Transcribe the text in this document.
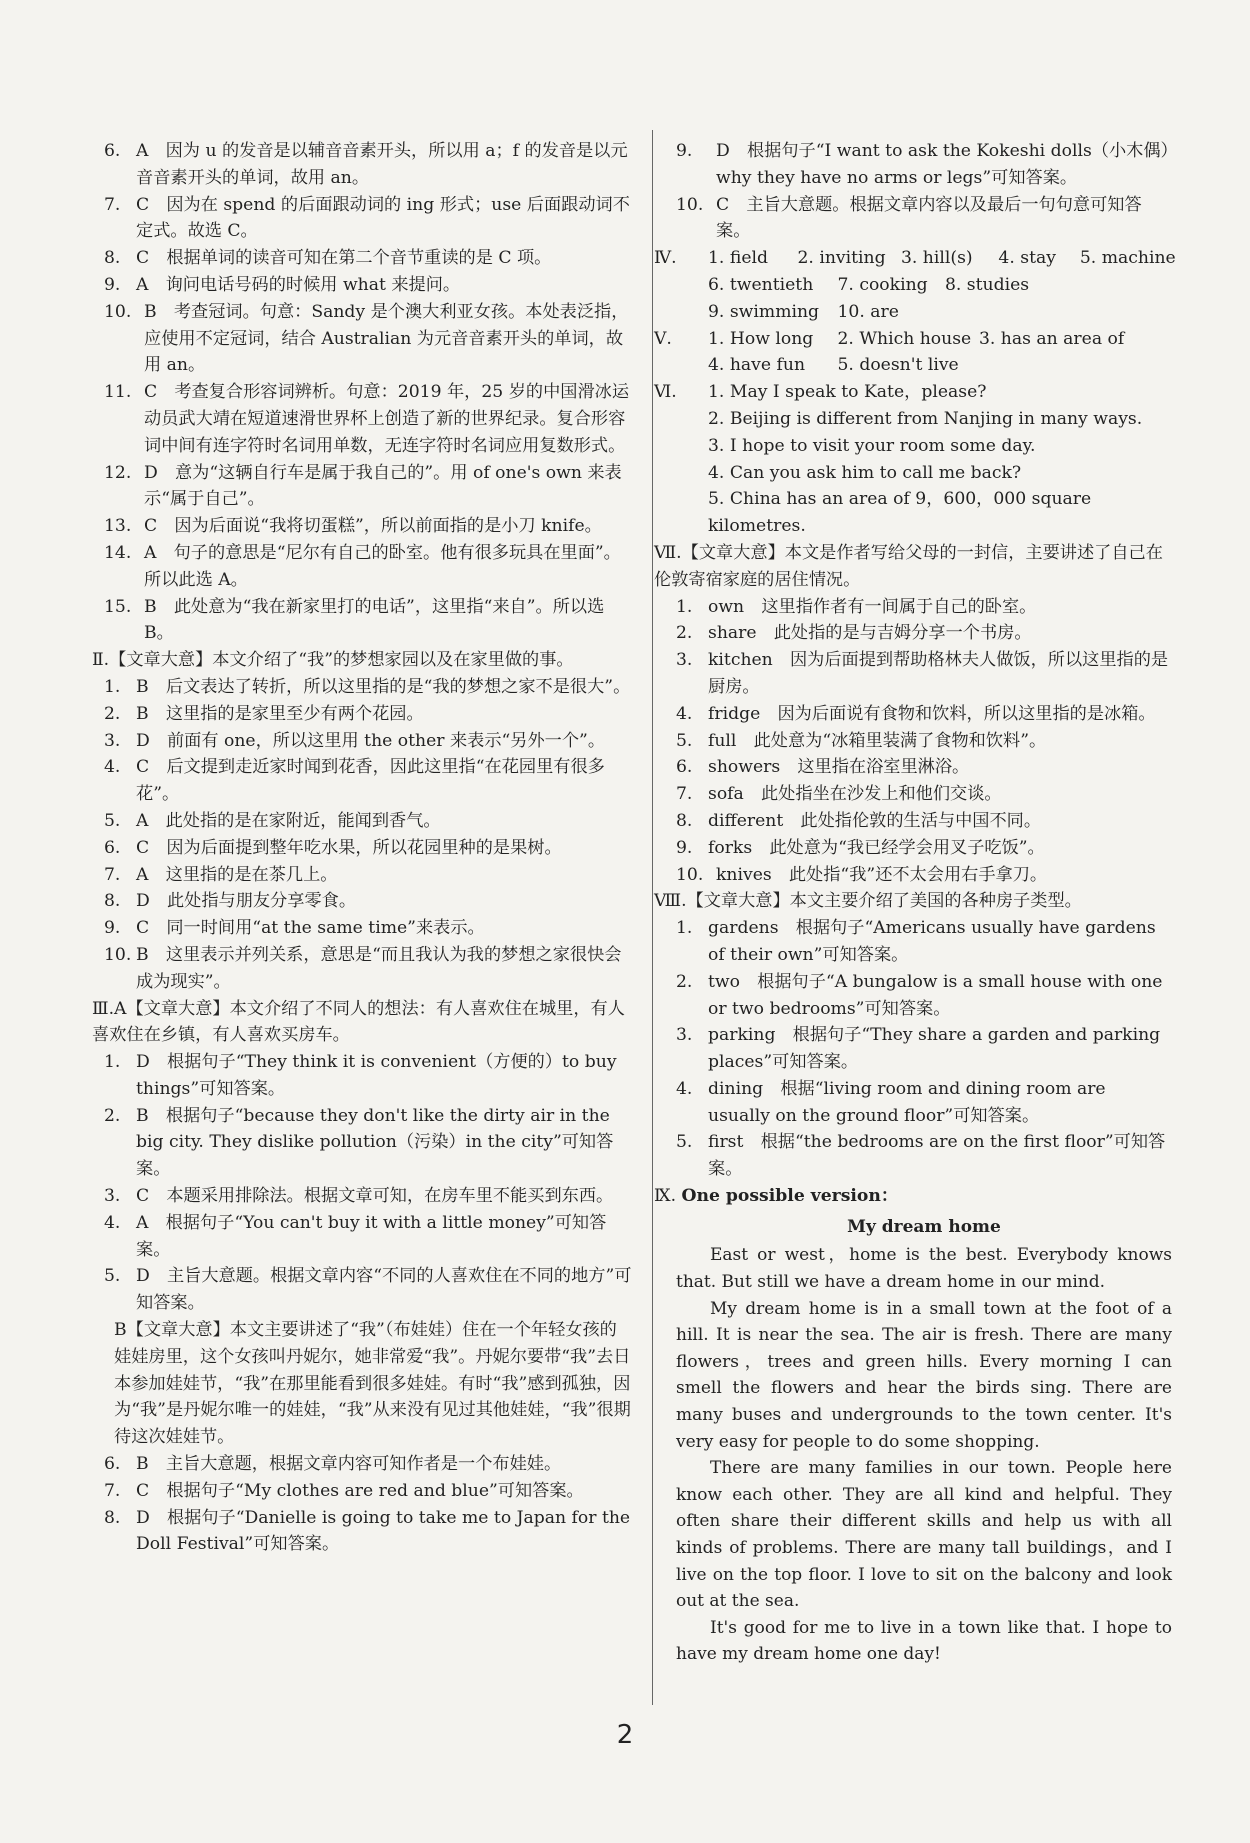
6. A　因为 u 的发音是以辅音音素开头，所以用 a；f 的发音是以元音音素开头的单词，故用 an。
7. C　因为在 spend 的后面跟动词的 ing 形式；use 后面跟动词不定式。故选 C。
8. C　根据单词的读音可知在第二个音节重读的是 C 项。
9. A　询问电话号码的时候用 what 来提问。
10. B　考查冠词。句意：Sandy 是个澳大利亚女孩。本处表泛指，应使用不定冠词，结合 Australian 为元音音素开头的单词，故用 an。
11. C　考查复合形容词辨析。句意：2019 年，25 岁的中国滑冰运动员武大靖在短道速滑世界杯上创造了新的世界纪录。复合形容词中间有连字符时名词用单数，无连字符时名词应用复数形式。
12. D　意为“这辆自行车是属于我自己的”。用 of one's own 来表示“属于自己”。
13. C　因为后面说“我将切蛋糕”，所以前面指的是小刀 knife。
14. A　句子的意思是“尼尔有自己的卧室。他有很多玩具在里面”。所以此选 A。
15. B　此处意为“我在新家里打的电话”，这里指“来自”。所以选 B。
Ⅱ.【文章大意】本文介绍了“我”的梦想家园以及在家里做的事。
1. B　后文表达了转折，所以这里指的是“我的梦想之家不是很大”。
2. B　这里指的是家里至少有两个花园。
3. D　前面有 one，所以这里用 the other 来表示“另外一个”。
4. C　后文提到走近家时闻到花香，因此这里指“在花园里有很多花”。
5. A　此处指的是在家附近，能闻到香气。
6. C　因为后面提到整年吃水果，所以花园里种的是果树。
7. A　这里指的是在茶几上。
8. D　此处指与朋友分享零食。
9. C　同一时间用“at the same time”来表示。
10. B　这里表示并列关系，意思是“而且我认为我的梦想之家很快会成为现实”。
Ⅲ.A【文章大意】本文介绍了不同人的想法：有人喜欢住在城里，有人喜欢住在乡镇，有人喜欢买房车。
1. D　根据句子“They think it is convenient（方便的）to buy things”可知答案。
2. B　根据句子“because they don't like the dirty air in the big city. They dislike pollution（污染）in the city”可知答案。
3. C　本题采用排除法。根据文章可知，在房车里不能买到东西。
4. A　根据句子“You can't buy it with a little money”可知答案。
5. D　主旨大意题。根据文章内容“不同的人喜欢住在不同的地方”可知答案。
B【文章大意】本文主要讲述了“我”（布娃娃）住在一个年轻女孩的娃娃房里，这个女孩叫丹妮尔，她非常爱“我”。丹妮尔要带“我”去日本参加娃娃节，“我”在那里能看到很多娃娃。有时“我”感到孤独，因为“我”是丹妮尔唯一的娃娃，“我”从来没有见过其他娃娃，“我”很期待这次娃娃节。
6. B　主旨大意题，根据文章内容可知作者是一个布娃娃。
7. C　根据句子“My clothes are red and blue”可知答案。
8. D　根据句子“Danielle is going to take me to Japan for the Doll Festival”可知答案。
9. D　根据句子“I want to ask the Kokeshi dolls（小木偶）why they have no arms or legs”可知答案。
10. C　主旨大意题。根据文章内容以及最后一句句意可知答案。
Ⅳ. 1. field 2. inviting 3. hill(s) 4. stay 5. machine
6. twentieth 7. cooking 8. studies
9. swimming 10. are
Ⅴ. 1. How long 2. Which house 3. has an area of
4. have fun 5. doesn't live
Ⅵ. 1. May I speak to Kate，please?
2. Beijing is different from Nanjing in many ways.
3. I hope to visit your room some day.
4. Can you ask him to call me back?
5. China has an area of 9，600，000 square kilometres.
Ⅶ.【文章大意】本文是作者写给父母的一封信，主要讲述了自己在伦敦寄宿家庭的居住情况。
1. own　这里指作者有一间属于自己的卧室。
2. share　此处指的是与吉姆分享一个书房。
3. kitchen　因为后面提到帮助格林夫人做饭，所以这里指的是厨房。
4. fridge　因为后面说有食物和饮料，所以这里指的是冰箱。
5. full　此处意为“冰箱里装满了食物和饮料”。
6. showers　这里指在浴室里淋浴。
7. sofa　此处指坐在沙发上和他们交谈。
8. different　此处指伦敦的生活与中国不同。
9. forks　此处意为“我已经学会用叉子吃饭”。
10. knives　此处指“我”还不太会用右手拿刀。
Ⅷ.【文章大意】本文主要介绍了美国的各种房子类型。
1. gardens　根据句子“Americans usually have gardens of their own”可知答案。
2. two　根据句子“A bungalow is a small house with one or two bedrooms”可知答案。
3. parking　根据句子“They share a garden and parking places”可知答案。
4. dining　根据“living room and dining room are usually on the ground floor”可知答案。
5. first　根据“the bedrooms are on the first floor”可知答案。
Ⅸ. One possible version：
My dream home

East or west，home is the best. Everybody knows that. But still we have a dream home in our mind.

My dream home is in a small town at the foot of a hill. It is near the sea. The air is fresh. There are many flowers，trees and green hills. Every morning I can smell the flowers and hear the birds sing. There are many buses and undergrounds to the town center. It's very easy for people to do some shopping.

There are many families in our town. People here know each other. They are all kind and helpful. They often share their different skills and help us with all kinds of problems. There are many tall buildings，and I live on the top floor. I love to sit on the balcony and look out at the sea.

It's good for me to live in a town like that. I hope to have my dream home one day!

2
